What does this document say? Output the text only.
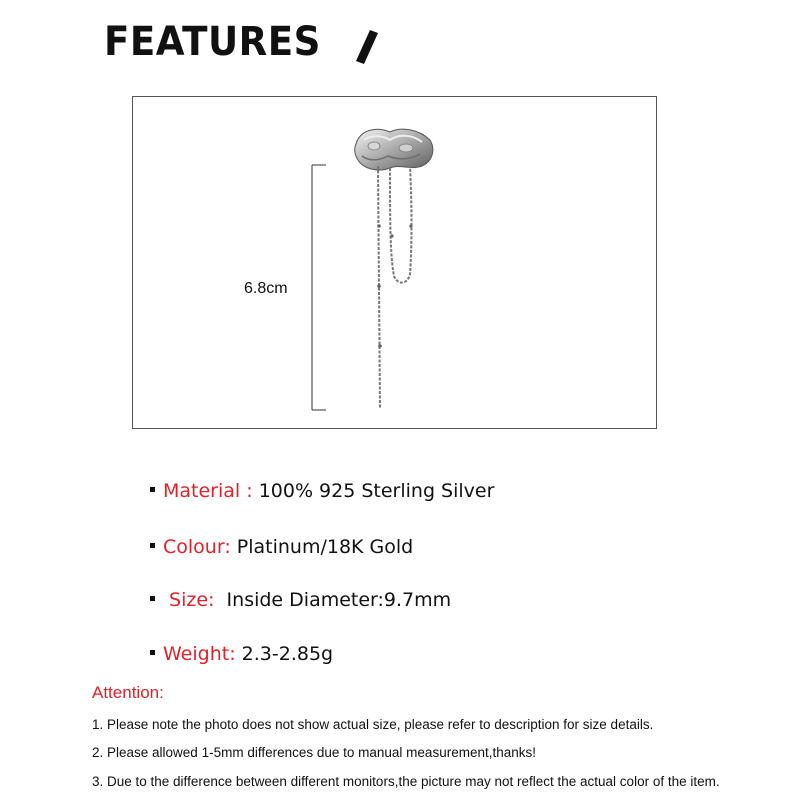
FEATURES
6.8cm
Material : 100% 925 Sterling Silver
Colour: Platinum/18K Gold
Size: Inside Diameter:9.7mm
Weight: 2.3-2.85g
Attention:
1. Please note the photo does not show actual size, please refer to description for size details.
2. Please allowed 1-5mm differences due to manual measurement,thanks!
3. Due to the difference between different monitors,the picture may not reflect the actual color of the item.
